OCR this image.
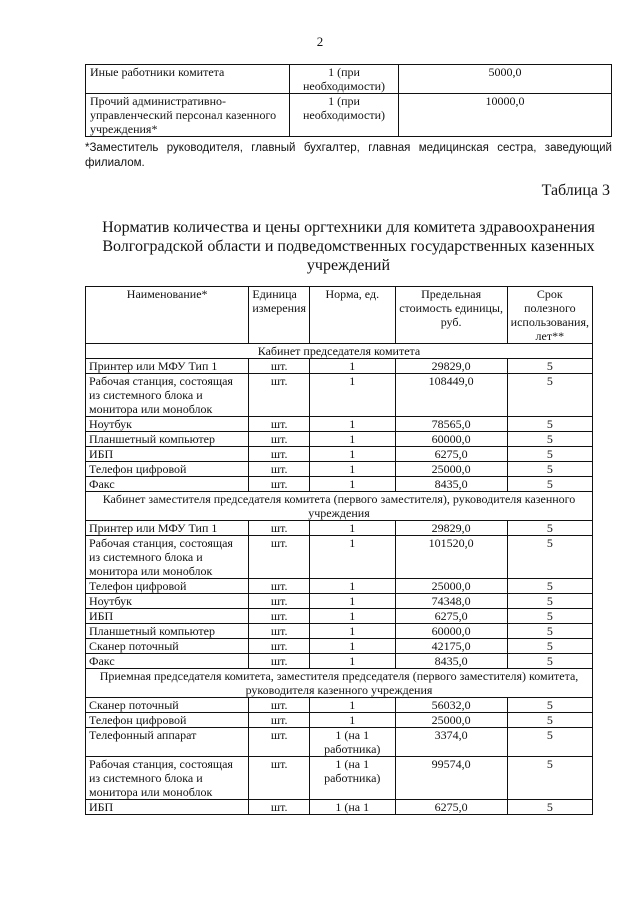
2
Иные работники комитета	1 (при необходимости)	5000,0
Прочий административно-управленческий персонал казенного учреждения*	1 (при необходимости)	10000,0
*Заместитель руководителя, главный бухгалтер, главная медицинская сестра, заведующий филиалом.
Таблица 3
Норматив количества и цены оргтехники для комитета здравоохранения Волгоградской области и подведомственных государственных казенных учреждений
Наименование*	Единица измерения	Норма, ед.	Предельная стоимость единицы, руб.	Срок полезного использования, лет**
Кабинет председателя комитета				
Принтер или МФУ Тип 1	шт.	1	29829,0	5
Рабочая станция, состоящая из системного блока и монитора или моноблок	шт.	1	108449,0	5
Ноутбук	шт.	1	78565,0	5
Планшетный компьютер	шт.	1	60000,0	5
ИБП	шт.	1	6275,0	5
Телефон цифровой	шт.	1	25000,0	5
Факс	шт.	1	8435,0	5
Кабинет заместителя председателя комитета (первого заместителя), руководителя казенного учреждения				
Принтер или МФУ Тип 1	шт.	1	29829,0	5
Рабочая станция, состоящая из системного блока и монитора или моноблок	шт.	1	101520,0	5
Телефон цифровой	шт.	1	25000,0	5
Ноутбук	шт.	1	74348,0	5
ИБП	шт.	1	6275,0	5
Планшетный компьютер	шт.	1	60000,0	5
Сканер поточный	шт.	1	42175,0	5
Факс	шт.	1	8435,0	5
Приемная председателя комитета, заместителя председателя (первого заместителя) комитета, руководителя казенного учреждения				
Сканер поточный	шт.	1	56032,0	5
Телефон цифровой	шт.	1	25000,0	5
Телефонный аппарат	шт.	1 (на 1 работника)	3374,0	5
Рабочая станция, состоящая из системного блока и монитора или моноблок	шт.	1 (на 1 работника)	99574,0	5
ИБП	шт.	1 (на 1	6275,0	5
